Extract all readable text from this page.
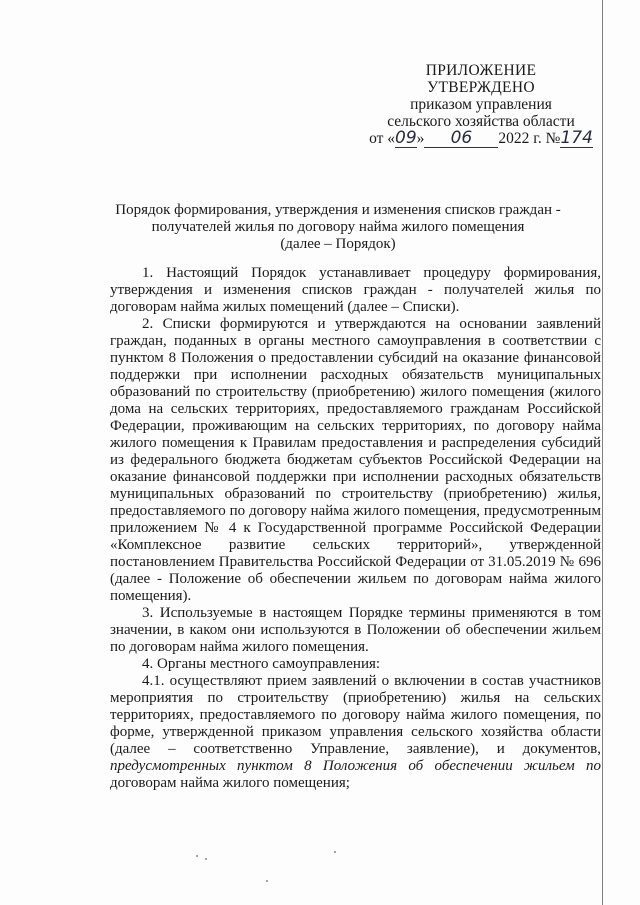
ПРИЛОЖЕНИЕ
УТВЕРЖДЕНО
приказом управления
сельского хозяйства области
от « 09 »	06	2022 г. № 174
Порядок формирования, утверждения и изменения списков граждан -
получателей жилья по договору найма жилого помещения
(далее – Порядок)

1. Настоящий Порядок устанавливает процедуру формирования, утверждения и изменения списков граждан - получателей жилья по договорам найма жилых помещений (далее – Списки).

2. Списки формируются и утверждаются на основании заявлений граждан, поданных в органы местного самоуправления в соответствии с пунктом 8 Положения о предоставлении субсидий на оказание финансовой поддержки при исполнении расходных обязательств муниципальных образований по строительству (приобретению) жилого помещения (жилого дома на сельских территориях, предоставляемого гражданам Российской Федерации, проживающим на сельских территориях, по договору найма жилого помещения к Правилам предоставления и распределения субсидий из федерального бюджета бюджетам субъектов Российской Федерации на оказание финансовой поддержки при исполнении расходных обязательств муниципальных образований по строительству (приобретению) жилья, предоставляемого по договору найма жилого помещения, предусмотренным приложением № 4 к Государственной программе Российской Федерации «Комплексное развитие сельских территорий», утвержденной постановлением Правительства Российской Федерации от 31.05.2019 № 696 (далее - Положение об обеспечении жильем по договорам найма жилого помещения).

3. Используемые в настоящем Порядке термины применяются в том значении, в каком они используются в Положении об обеспечении жильем по договорам найма жилого помещения.

4. Органы местного самоуправления:

4.1. осуществляют прием заявлений о включении в состав участников мероприятия по строительству (приобретению) жилья на сельских территориях, предоставляемого по договору найма жилого помещения, по форме, утвержденной приказом управления сельского хозяйства области (далее – соответственно Управление, заявление), и документов, предусмотренных пунктом 8 Положения об обеспечении жильем по договорам найма жилого помещения;
